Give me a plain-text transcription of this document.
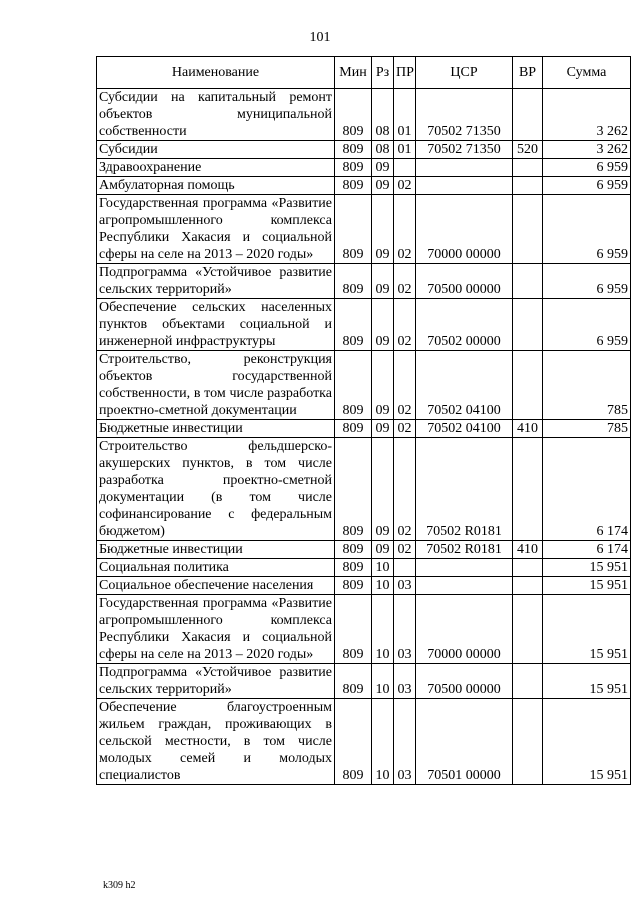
101
Наименование	Мин	Рз	ПР	ЦСР	ВР	Сумма
Субсидии на капитальный ремонт объектов муниципальной собственности	809	08	01	70502 71350		3 262
Субсидии	809	08	01	70502 71350	520	3 262
Здравоохранение	809	09				6 959
Амбулаторная помощь	809	09	02			6 959
Государственная программа «Развитие агропромышленного комплекса Республики Хакасия и социальной сферы на селе на 2013 – 2020 годы»	809	09	02	70000 00000		6 959
Подпрограмма «Устойчивое развитие сельских территорий»	809	09	02	70500 00000		6 959
Обеспечение сельских населенных пунктов объектами социальной и инженерной инфраструктуры	809	09	02	70502 00000		6 959
Строительство, реконструкция объектов государственной собственности, в том числе разработка проектно-сметной документации	809	09	02	70502 04100		785
Бюджетные инвестиции	809	09	02	70502 04100	410	785
Строительство фельдшерско-акушерских пунктов, в том числе разработка проектно-сметной документации (в том числе софинансирование с федеральным бюджетом)	809	09	02	70502 R0181		6 174
Бюджетные инвестиции	809	09	02	70502 R0181	410	6 174
Социальная политика	809	10				15 951
Социальное обеспечение населения	809	10	03			15 951
Государственная программа «Развитие агропромышленного комплекса Республики Хакасия и социальной сферы на селе на 2013 – 2020 годы»	809	10	03	70000 00000		15 951
Подпрограмма «Устойчивое развитие сельских территорий»	809	10	03	70500 00000		15 951
Обеспечение благоустроенным жильем граждан, проживающих в сельской местности, в том числе молодых семей и молодых специалистов	809	10	03	70501 00000		15 951
k309 h2
